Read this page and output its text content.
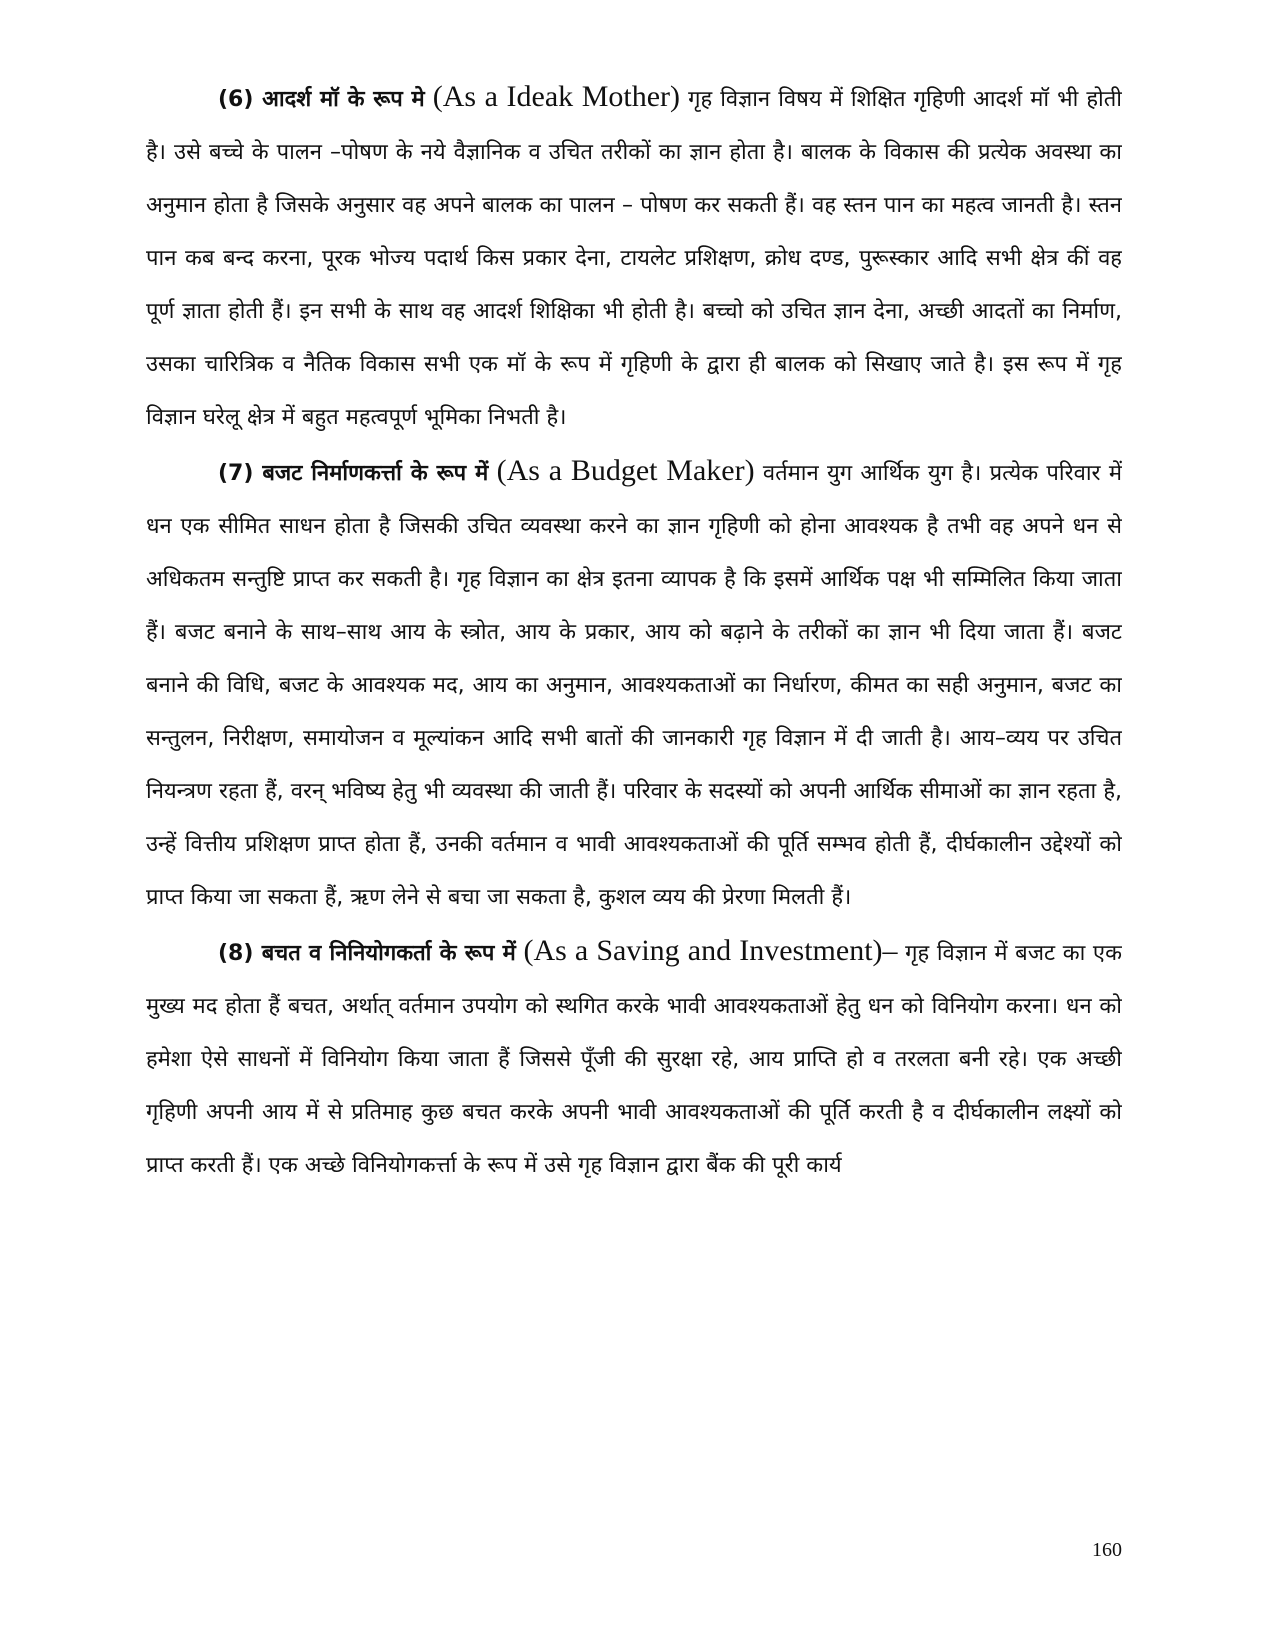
(6) आदर्श मॉ के रूप मे (As a Ideak Mother) गृह विज्ञान विषय में शिक्षित गृहिणी आदर्श मॉ भी होती है। उसे बच्चे के पालन –पोषण के नये वैज्ञानिक व उचित तरीकों का ज्ञान होता है। बालक के विकास की प्रत्येक अवस्था का अनुमान होता है जिसके अनुसार वह अपने बालक का पालन – पोषण कर सकती हैं। वह स्तन पान का महत्व जानती है। स्तन पान कब बन्द करना, पूरक भोज्य पदार्थ किस प्रकार देना, टायलेट प्रशिक्षण, क्रोध दण्ड, पुरूस्कार आदि सभी क्षेत्र कीं वह पूर्ण ज्ञाता होती हैं। इन सभी के साथ वह आदर्श शिक्षिका भी होती है। बच्चो को उचित ज्ञान देना, अच्छी आदतों का निर्माण, उसका चारित्रिक व नैतिक विकास सभी एक मॉ के रूप में गृहिणी के द्वारा ही बालक को सिखाए जाते है। इस रूप में गृह विज्ञान घरेलू क्षेत्र में बहुत महत्वपूर्ण भूमिका निभती है।

(7) बजट निर्माणकर्त्ता के रूप में (As a Budget Maker) वर्तमान युग आर्थिक युग है। प्रत्येक परिवार में धन एक सीमित साधन होता है जिसकी उचित व्यवस्था करने का ज्ञान गृहिणी को होना आवश्यक है तभी वह अपने धन से अधिकतम सन्तुष्टि प्राप्त कर सकती है। गृह विज्ञान का क्षेत्र इतना व्यापक है कि इसमें आर्थिक पक्ष भी सम्मिलित किया जाता हैं। बजट बनाने के साथ–साथ आय के स्त्रोत, आय के प्रकार, आय को बढ़ाने के तरीकों का ज्ञान भी दिया जाता हैं। बजट बनाने की विधि, बजट के आवश्यक मद, आय का अनुमान, आवश्यकताओं का निर्धारण, कीमत का सही अनुमान, बजट का सन्तुलन, निरीक्षण, समायोजन व मूल्यांकन आदि सभी बातों की जानकारी गृह विज्ञान में दी जाती है। आय–व्यय पर उचित नियन्त्रण रहता हैं, वरन् भविष्य हेतु भी व्यवस्था की जाती हैं। परिवार के सदस्यों को अपनी आर्थिक सीमाओं का ज्ञान रहता है, उन्हें वित्तीय प्रशिक्षण प्राप्त होता हैं, उनकी वर्तमान व भावी आवश्यकताओं की पूर्ति सम्भव होती हैं, दीर्घकालीन उद्देश्यों को प्राप्त किया जा सकता हैं, ऋण लेने से बचा जा सकता है, कुशल व्यय की प्रेरणा मिलती हैं।

(8) बचत व निनियोगकर्ता के रूप में (As a Saving and Investment)– गृह विज्ञान में बजट का एक मुख्य मद होता हैं बचत, अर्थात् वर्तमान उपयोग को स्थगित करके भावी आवश्यकताओं हेतु धन को विनियोग करना। धन को हमेशा ऐसे साधनों में विनियोग किया जाता हैं जिससे पूँजी की सुरक्षा रहे, आय प्राप्ति हो व तरलता बनी रहे। एक अच्छी गृहिणी अपनी आय में से प्रतिमाह कुछ बचत करके अपनी भावी आवश्यकताओं की पूर्ति करती है व दीर्घकालीन लक्ष्यों को प्राप्त करती हैं। एक अच्छे विनियोगकर्त्ता के रूप में उसे गृह विज्ञान द्वारा बैंक की पूरी कार्य

160
